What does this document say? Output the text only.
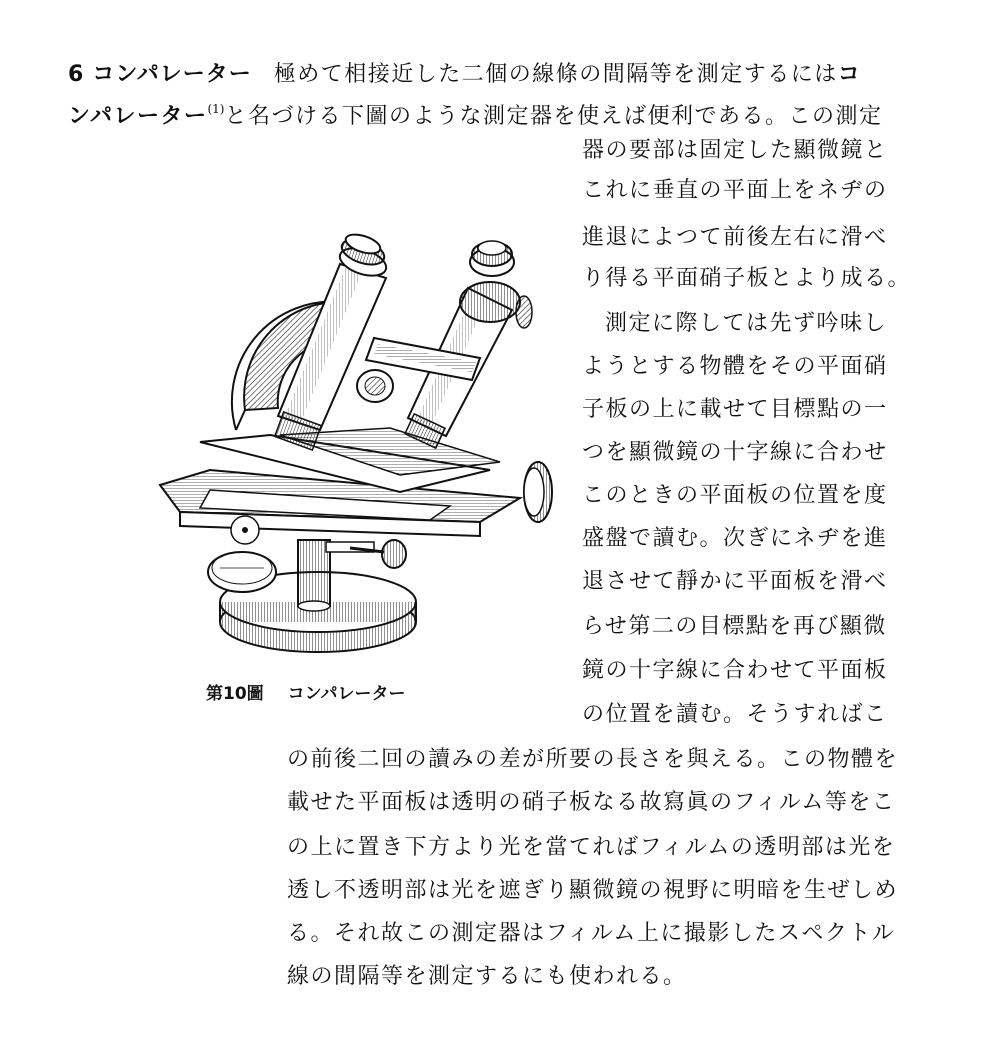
6 コンパレーター 極めて相接近した二個の線條の間隔等を測定するにはコ
ンパレーター$^{(1)}$と名づける下圖のような測定器を使えば便利である。この測定
器の要部は固定した顯微鏡と
これに垂直の平面上をネヂの
進退によつて前後左右に滑べ
り得る平面硝子板とより成る。
測定に際しては先ず吟味し
ようとする物體をその平面硝
子板の上に載せて目標點の一
つを顯微鏡の十字線に合わせ
このときの平面板の位置を度
盛盤で讀む。次ぎにネヂを進
退させて靜かに平面板を滑べ
らせ第二の目標點を再び顯微
鏡の十字線に合わせて平面板
の位置を讀む。そうすればこ
の前後二回の讀みの差が所要の長さを與える。この物體を
載せた平面板は透明の硝子板なる故寫眞のフィルム等をこ
の上に置き下方より光を當てればフィルムの透明部は光を
透し不透明部は光を遮ぎり顯微鏡の視野に明暗を生ぜしめ
る。それ故この測定器はフィルム上に撮影したスペクトル
線の間隔等を測定するにも使われる。
第10圖 コンパレーター
